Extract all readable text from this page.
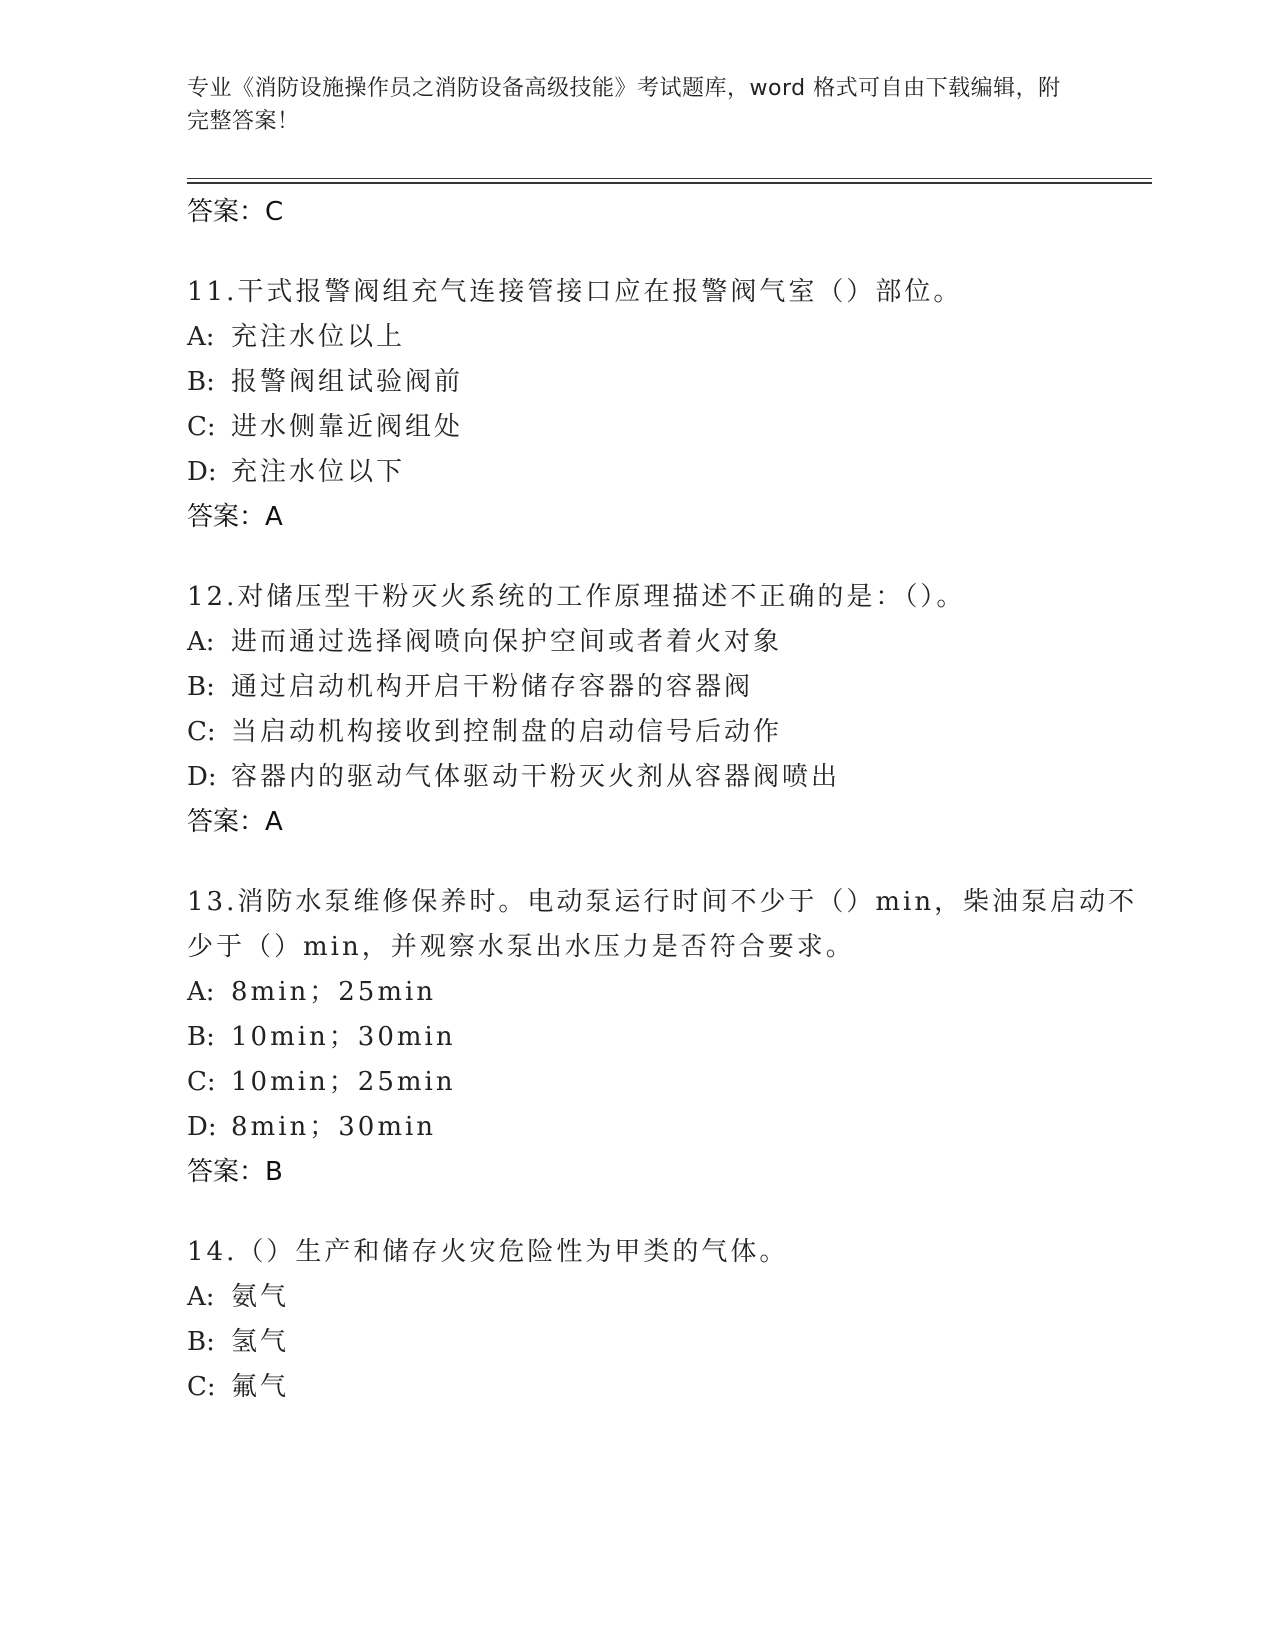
专业《消防设施操作员之消防设备高级技能》考试题库，word 格式可自由下载编辑，附完整答案！
答案：C
11.干式报警阀组充气连接管接口应在报警阀气室（）部位。
A: 充注水位以上
B: 报警阀组试验阀前
C: 进水侧靠近阀组处
D: 充注水位以下
答案：A
12.对储压型干粉灭火系统的工作原理描述不正确的是：（）。
A: 进而通过选择阀喷向保护空间或者着火对象
B: 通过启动机构开启干粉储存容器的容器阀
C: 当启动机构接收到控制盘的启动信号后动作
D: 容器内的驱动气体驱动干粉灭火剂从容器阀喷出
答案：A
13.消防水泵维修保养时。电动泵运行时间不少于（）min，柴油泵启动不少于（）min，并观察水泵出水压力是否符合要求。
A: 8min；25min
B: 10min；30min
C: 10min；25min
D: 8min；30min
答案：B
14.（）生产和储存火灾危险性为甲类的气体。
A: 氨气
B: 氢气
C: 氟气
